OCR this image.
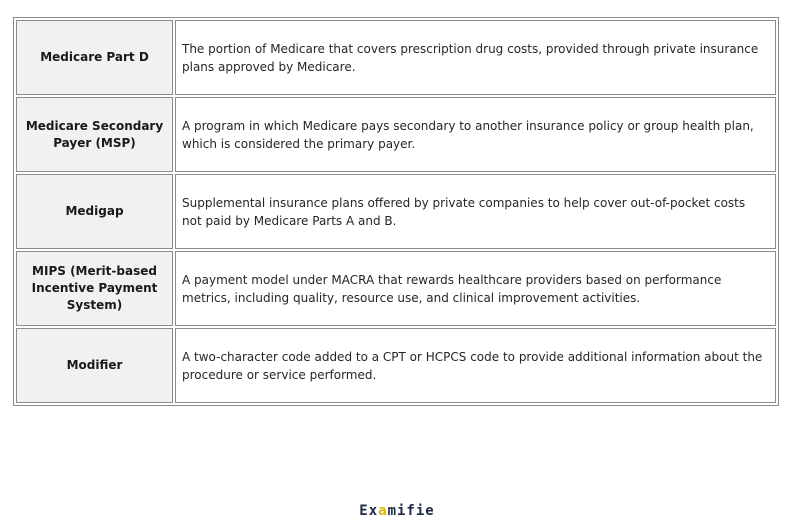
Medicare Part D
The portion of Medicare that covers prescription drug costs, provided through private insurance plans approved by Medicare.
Medicare Secondary Payer (MSP)
A program in which Medicare pays secondary to another insurance policy or group health plan, which is considered the primary payer.
Medigap
Supplemental insurance plans offered by private companies to help cover out-of-pocket costs not paid by Medicare Parts A and B.
MIPS (Merit-based Incentive Payment System)
A payment model under MACRA that rewards healthcare providers based on performance metrics, including quality, resource use, and clinical improvement activities.
Modifier
A two-character code added to a CPT or HCPCS code to provide additional information about the procedure or service performed.
Examifie
